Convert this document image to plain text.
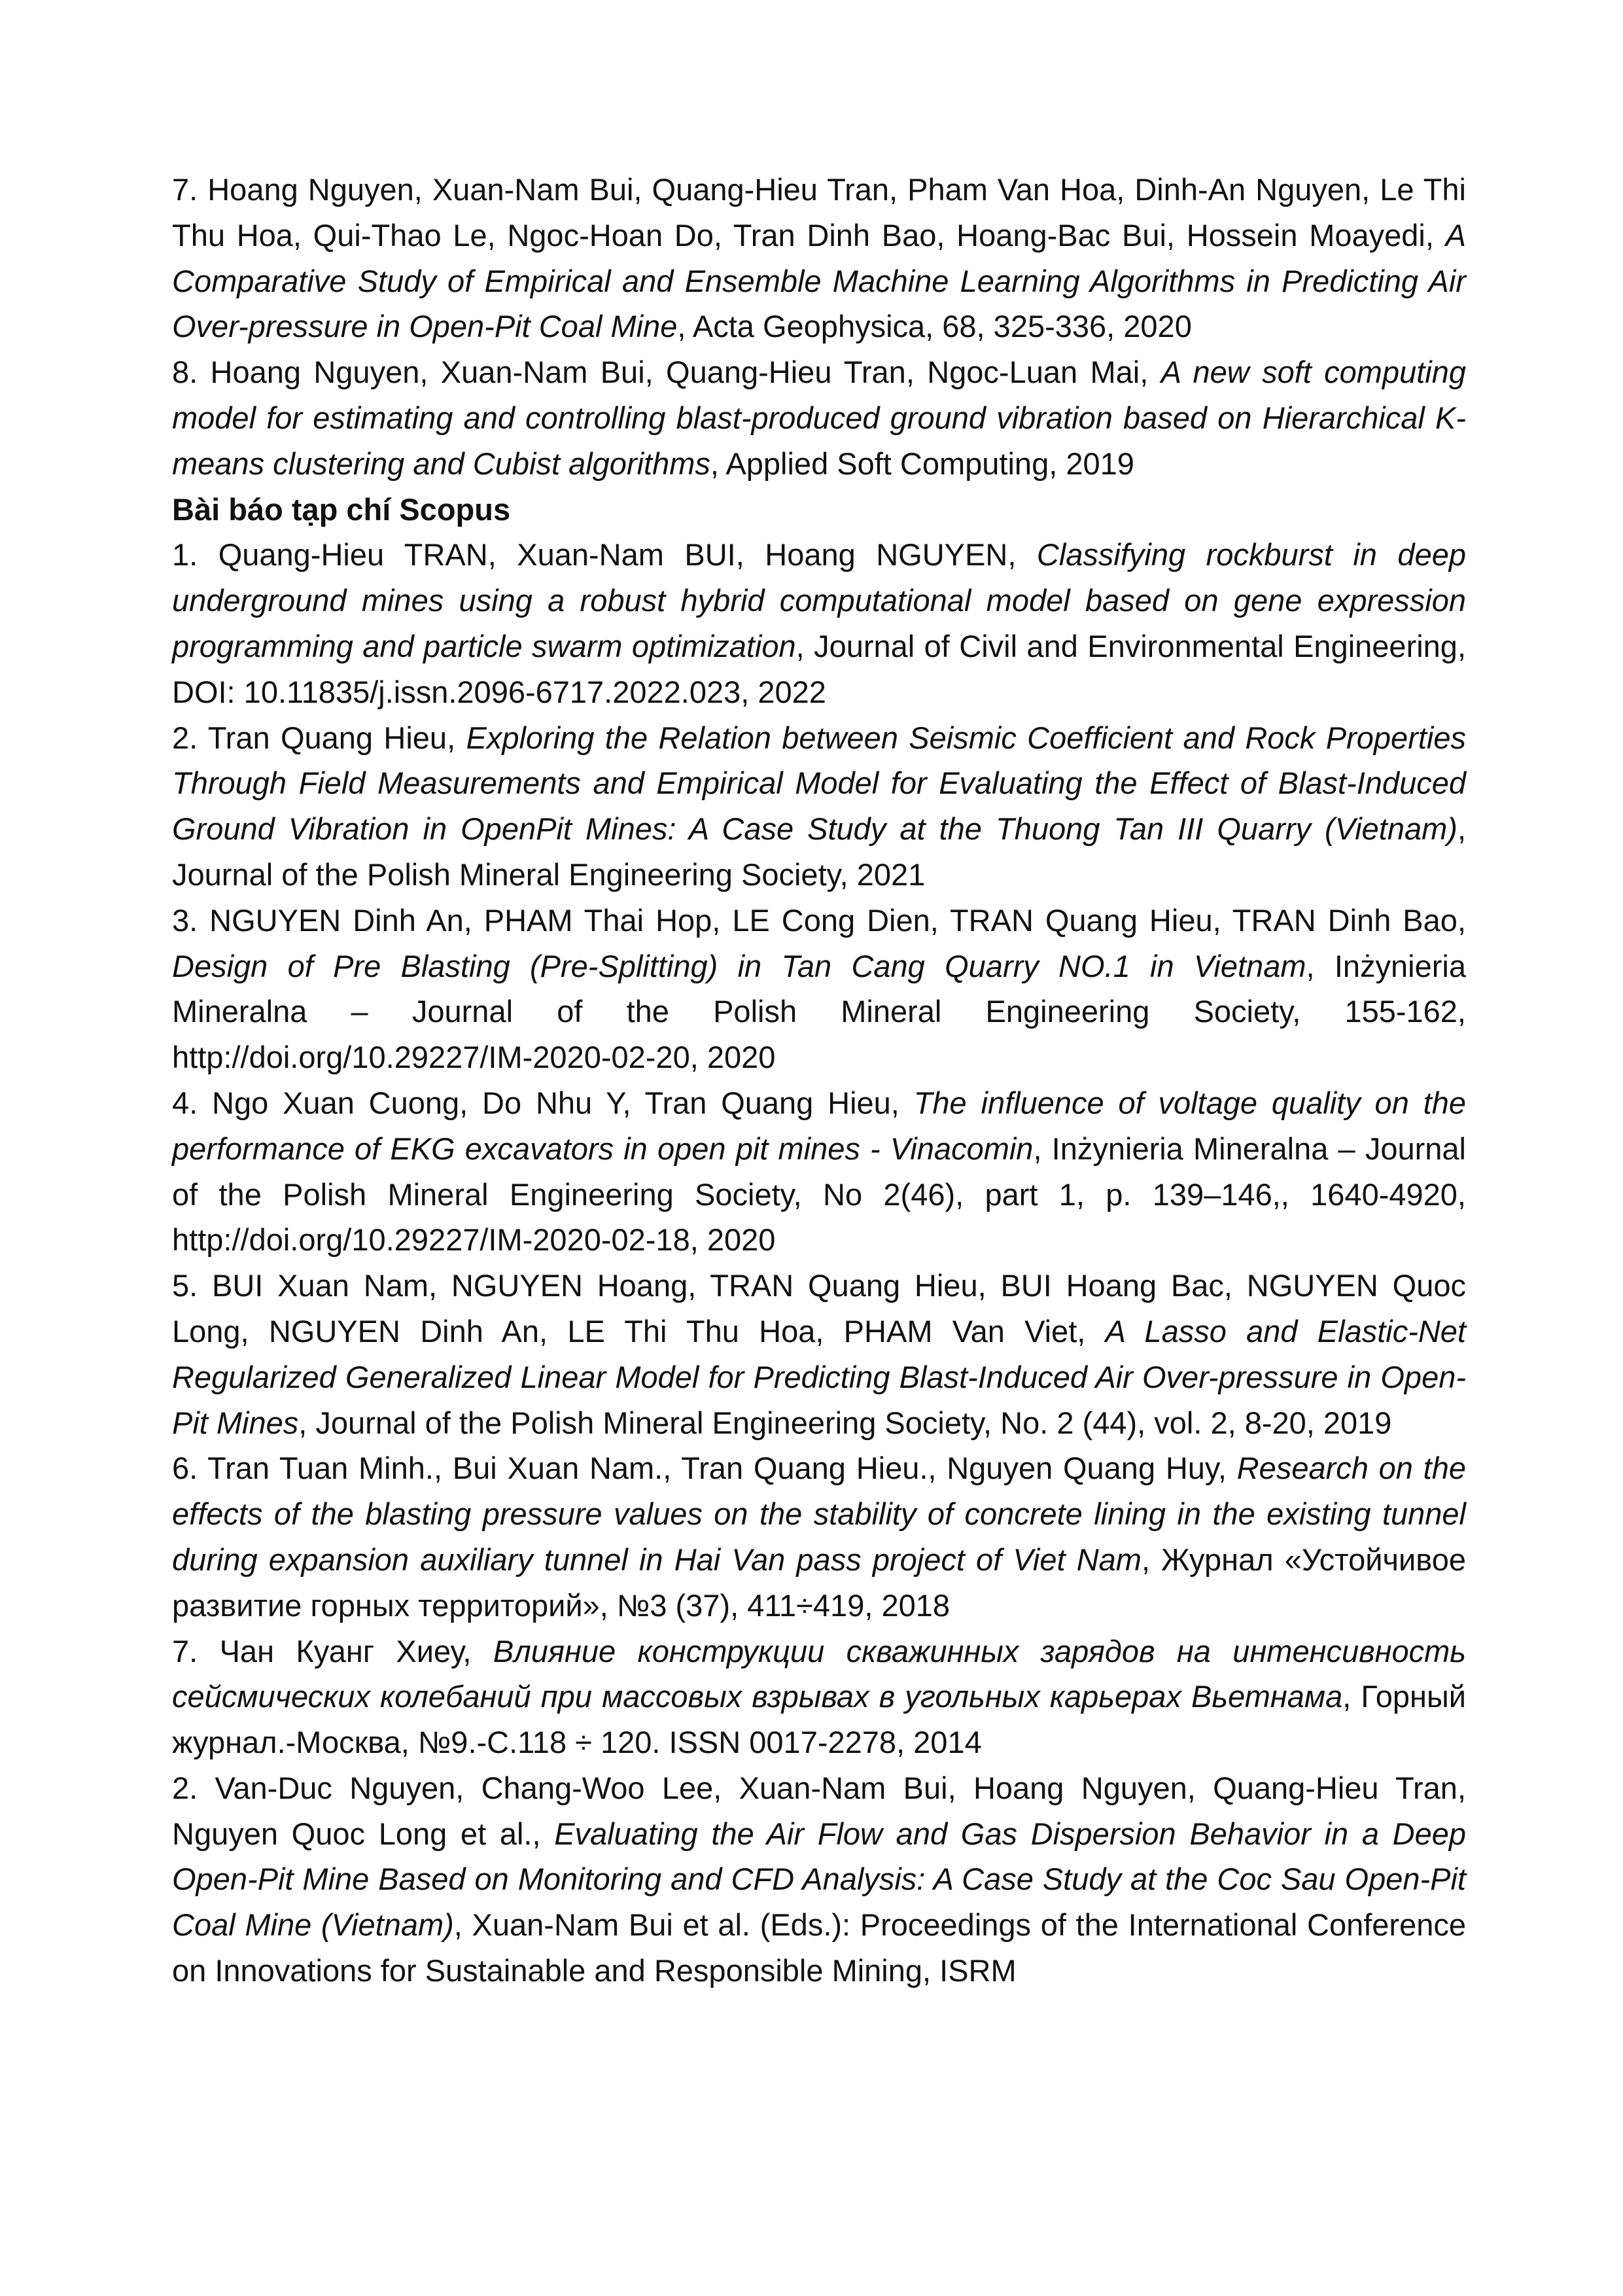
7. Hoang Nguyen, Xuan-Nam Bui, Quang-Hieu Tran, Pham Van Hoa, Dinh-An Nguyen, Le Thi Thu Hoa, Qui-Thao Le, Ngoc-Hoan Do, Tran Dinh Bao, Hoang-Bac Bui, Hossein Moayedi, A Comparative Study of Empirical and Ensemble Machine Learning Algorithms in Predicting Air Over-pressure in Open-Pit Coal Mine, Acta Geophysica, 68, 325-336, 2020

8. Hoang Nguyen, Xuan-Nam Bui, Quang-Hieu Tran, Ngoc-Luan Mai, A new soft computing model for estimating and controlling blast-produced ground vibration based on Hierarchical K-means clustering and Cubist algorithms, Applied Soft Computing, 2019

Bài báo tạp chí Scopus

1. Quang-Hieu TRAN, Xuan-Nam BUI, Hoang NGUYEN, Classifying rockburst in deep underground mines using a robust hybrid computational model based on gene expression programming and particle swarm optimization, Journal of Civil and Environmental Engineering, DOI: 10.11835/j.issn.2096-6717.2022.023, 2022

2. Tran Quang Hieu, Exploring the Relation between Seismic Coefficient and Rock Properties Through Field Measurements and Empirical Model for Evaluating the Effect of Blast-Induced Ground Vibration in OpenPit Mines: A Case Study at the Thuong Tan III Quarry (Vietnam), Journal of the Polish Mineral Engineering Society, 2021

3. NGUYEN Dinh An, PHAM Thai Hop, LE Cong Dien, TRAN Quang Hieu, TRAN Dinh Bao, Design of Pre Blasting (Pre-Splitting) in Tan Cang Quarry NO.1 in Vietnam, Inżynieria Mineralna – Journal of the Polish Mineral Engineering Society, 155-162, http://doi.org/10.29227/IM-2020-02-20, 2020

4. Ngo Xuan Cuong, Do Nhu Y, Tran Quang Hieu, The influence of voltage quality on the performance of EKG excavators in open pit mines - Vinacomin, Inżynieria Mineralna – Journal of the Polish Mineral Engineering Society, No 2(46), part 1, p. 139–146,, 1640-4920, http://doi.org/10.29227/IM-2020-02-18, 2020

5. BUI Xuan Nam, NGUYEN Hoang, TRAN Quang Hieu, BUI Hoang Bac, NGUYEN Quoc Long, NGUYEN Dinh An, LE Thi Thu Hoa, PHAM Van Viet, A Lasso and Elastic-Net Regularized Generalized Linear Model for Predicting Blast-Induced Air Over-pressure in Open-Pit Mines, Journal of the Polish Mineral Engineering Society, No. 2 (44), vol. 2, 8-20, 2019

6. Tran Tuan Minh., Bui Xuan Nam., Tran Quang Hieu., Nguyen Quang Huy, Research on the effects of the blasting pressure values on the stability of concrete lining in the existing tunnel during expansion auxiliary tunnel in Hai Van pass project of Viet Nam, Журнал «Устойчивое развитие горных территорий», №3 (37), 411÷419, 2018

7. Чан Куанг Хиеу, Влияние конструкции скважинных зарядов на интенсивность сейсмических колебаний при массовых взрывах в угольных карьерах Вьетнама, Горный журнал.-Москва, №9.-С.118 ÷ 120. ISSN 0017-2278, 2014

2. Van-Duc Nguyen, Chang-Woo Lee, Xuan-Nam Bui, Hoang Nguyen, Quang-Hieu Tran, Nguyen Quoc Long et al., Evaluating the Air Flow and Gas Dispersion Behavior in a Deep Open-Pit Mine Based on Monitoring and CFD Analysis: A Case Study at the Coc Sau Open-Pit Coal Mine (Vietnam), Xuan-Nam Bui et al. (Eds.): Proceedings of the International Conference on Innovations for Sustainable and Responsible Mining, ISRM
